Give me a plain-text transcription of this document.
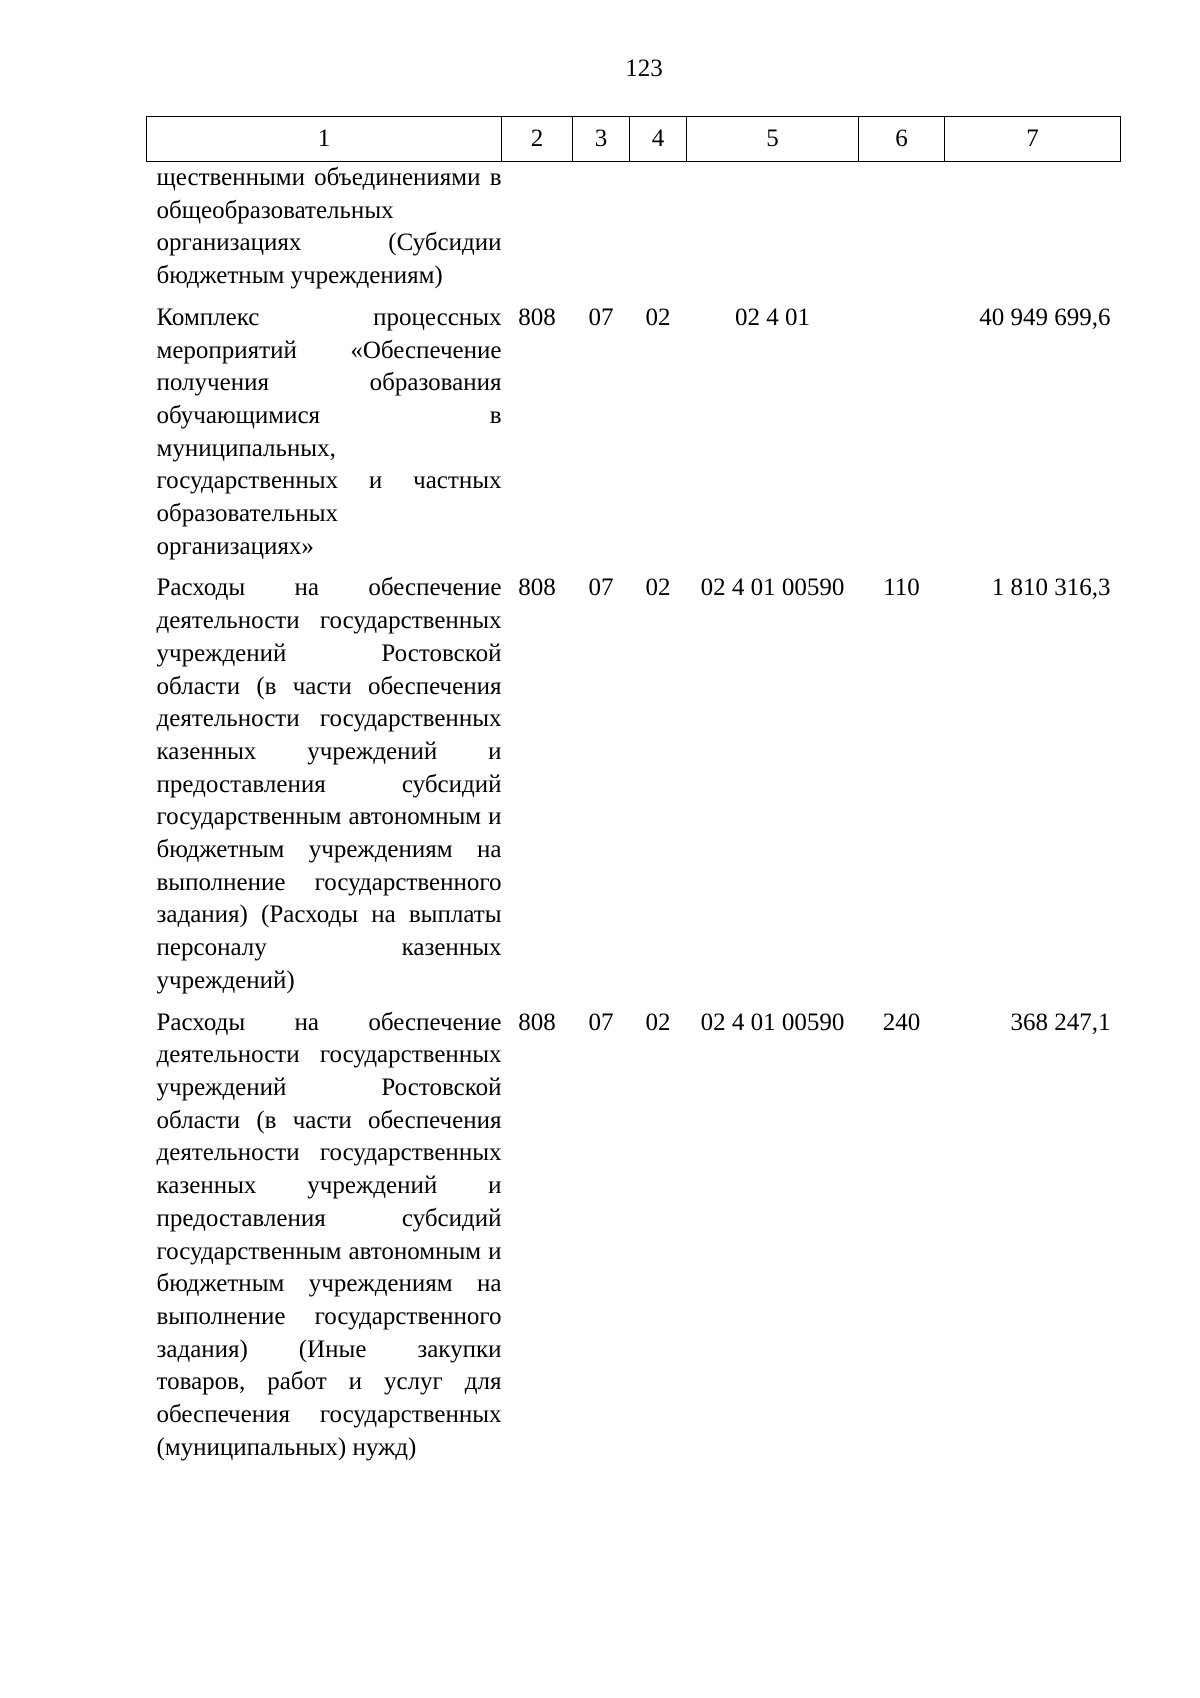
123
1	2	3	4	5	6	7

щественными объединениями в общеобразовательных организациях (Субсидии бюджетным учреждениям)						

Комплекс процессных мероприятий «Обеспечение получения образования обучающимися в муниципальных, государственных и частных образовательных организациях»	808	07	02	02 4 01		40 949 699,6

Расходы на обеспечение деятельности государственных учреждений Ростовской области (в части обеспечения деятельности государственных казенных учреждений и предоставления субсидий государственным автономным и бюджетным учреждениям на выполнение государственного задания) (Расходы на выплаты персоналу казенных учреждений)	808	07	02	02 4 01 00590	110	1 810 316,3

Расходы на обеспечение деятельности государственных учреждений Ростовской области (в части обеспечения деятельности государственных казенных учреждений и предоставления субсидий государственным автономным и бюджетным учреждениям на выполнение государственного задания) (Иные закупки товаров, работ и услуг для обеспечения государственных (муниципальных) нужд)	808	07	02	02 4 01 00590	240	368 247,1
